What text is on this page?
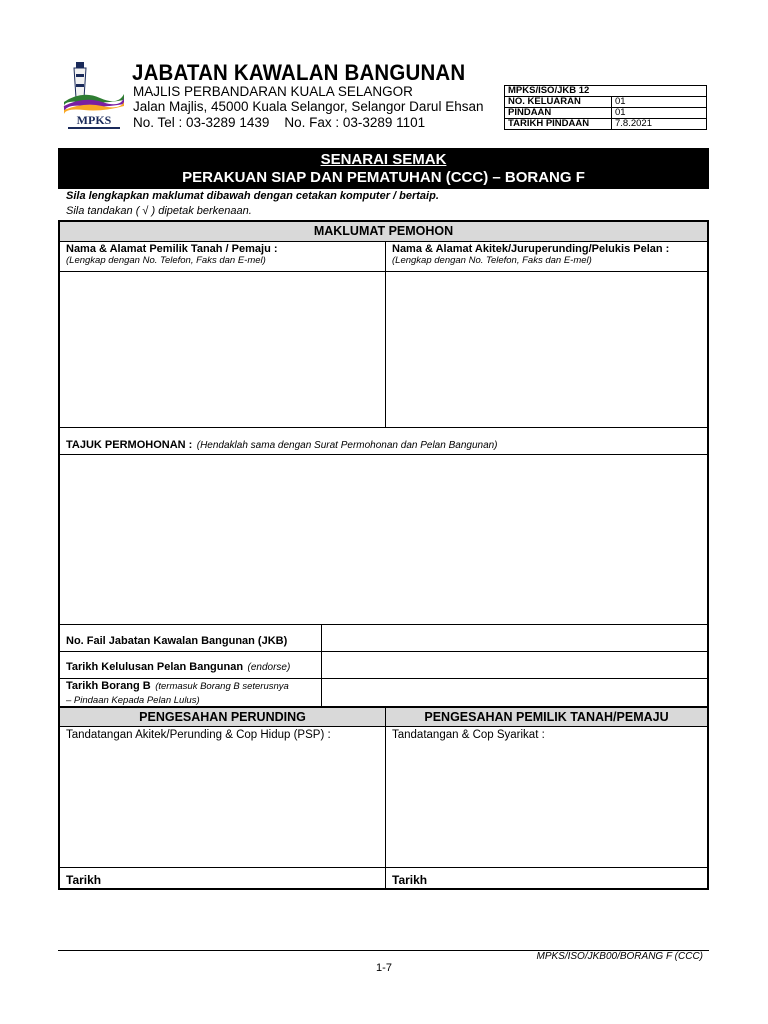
MPKS
JABATAN KAWALAN BANGUNAN
MAJLIS PERBANDARAN KUALA SELANGOR
Jalan Majlis, 45000 Kuala Selangor, Selangor Darul Ehsan
No. Tel : 03-3289 1439    No. Fax : 03-3289 1101
MPKS/ISO/JKB 12	
NO. KELUARAN	01
PINDAAN	01
TARIKH PINDAAN	7.8.2021
SENARAI SEMAK
PERAKUAN SIAP DAN PEMATUHAN (CCC) – BORANG F
Sila lengkapkan maklumat dibawah dengan cetakan komputer / bertaip.
Sila tandakan ( √ ) dipetak berkenaan.
MAKLUMAT PEMOHON
Nama & Alamat Pemilik Tanah / Pemaju :
(Lengkap dengan No. Telefon, Faks dan E-mel)
Nama & Alamat Akitek/Juruperunding/Pelukis Pelan :
(Lengkap dengan No. Telefon, Faks dan E-mel)
TAJUK PERMOHONAN : (Hendaklah sama dengan Surat Permohonan dan Pelan Bangunan)
No. Fail Jabatan Kawalan Bangunan (JKB)
Tarikh Kelulusan Pelan Bangunan (endorse)
Tarikh Borang B (termasuk Borang B seterusnya
– Pindaan Kepada Pelan Lulus)
PENGESAHAN PERUNDING	PENGESAHAN PEMILIK TANAH/PEMAJU
Tandatangan Akitek/Perunding & Cop Hidup (PSP) :	Tandatangan & Cop Syarikat :
Tarikh	Tarikh
MPKS/ISO/JKB00/BORANG F (CCC)
1-7
